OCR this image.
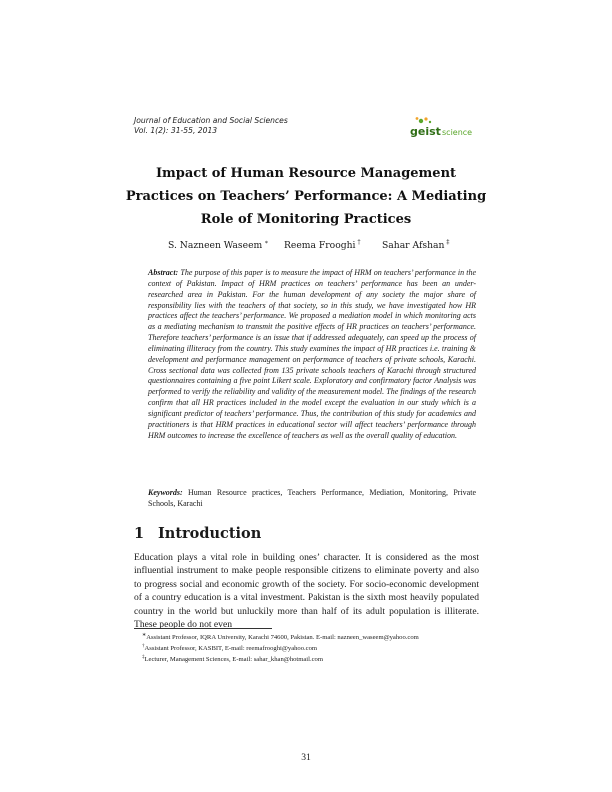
Journal of Education and Social Sciences
Vol. 1(2): 31-55, 2013	geist science
Impact of Human Resource Management Practices on Teachers’ Performance: A Mediating Role of Monitoring Practices
S. Nazneen Waseem ∗ Reema Frooghi † Sahar Afshan ‡
Abstract: The purpose of this paper is to measure the impact of HRM on teachers’ performance in the context of Pakistan. Impact of HRM practices on teachers’ performance has been an under-researched area in Pakistan. For the human development of any society the major share of responsibility lies with the teachers of that society, so in this study, we have investigated how HR practices affect the teachers’ performance. We proposed a mediation model in which monitoring acts as a mediating mechanism to transmit the positive effects of HR practices on teachers’ performance. Therefore teachers’ performance is an issue that if addressed adequately, can speed up the process of eliminating illiteracy from the country. This study examines the impact of HR practices i.e. training & development and performance management on performance of teachers of private schools, Karachi. Cross sectional data was collected from 135 private schools teachers of Karachi through structured questionnaires containing a five point Likert scale. Exploratory and confirmatory factor Analysis was performed to verify the reliability and validity of the measurement model. The findings of the research confirm that all HR practices included in the model except the evaluation in our study which is a significant predictor of teachers’ performance. Thus, the contribution of this study for academics and practitioners is that HRM practices in educational sector will affect teachers’ performance through HRM outcomes to increase the excellence of teachers as well as the overall quality of education.
Keywords: Human Resource practices, Teachers Performance, Mediation, Monitoring, Private Schools, Karachi
1 Introduction
Education plays a vital role in building ones’ character. It is considered as the most influential instrument to make people responsible citizens to eliminate poverty and also to progress social and economic growth of the society. For socio-economic development of a country education is a vital investment. Pakistan is the sixth most heavily populated country in the world but unluckily more than half of its adult population is illiterate. These people do not even
∗Assistant Professor, IQRA University, Karachi 74600, Pakistan. E-mail: nazneen_waseem@yahoo.com
†Assistant Professor, KASBIT, E-mail: reemafrooghi@yahoo.com
‡Lecturer, Management Sciences, E-mail: sahar_khan@hotmail.com
31
